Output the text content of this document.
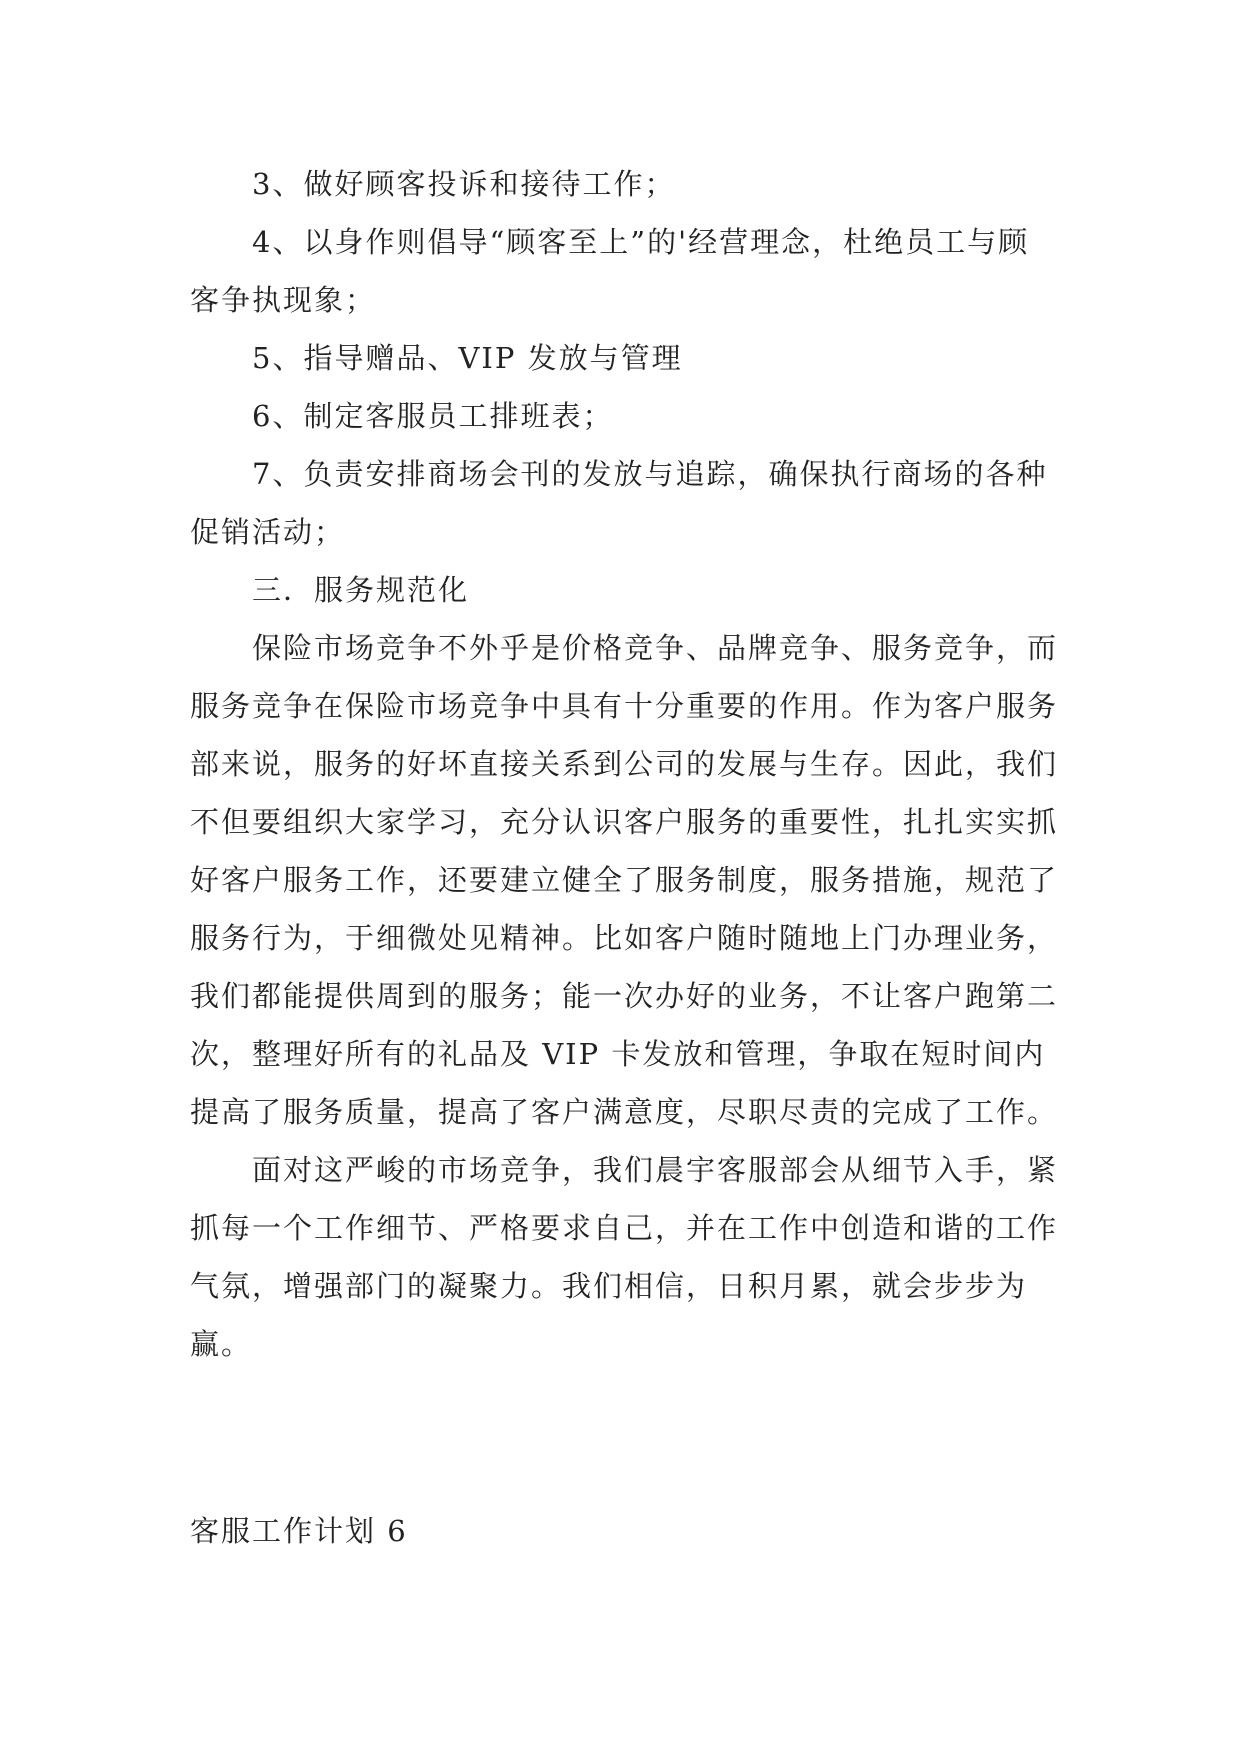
3、做好顾客投诉和接待工作；

4、以身作则倡导“顾客至上”的'经营理念，杜绝员工与顾客争执现象；

5、指导赠品、VIP 发放与管理

6、制定客服员工排班表；

7、负责安排商场会刊的发放与追踪，确保执行商场的各种促销活动；

三．服务规范化

保险市场竞争不外乎是价格竞争、品牌竞争、服务竞争，而服务竞争在保险市场竞争中具有十分重要的作用。作为客户服务部来说，服务的好坏直接关系到公司的发展与生存。因此，我们不但要组织大家学习，充分认识客户服务的重要性，扎扎实实抓好客户服务工作，还要建立健全了服务制度，服务措施，规范了服务行为，于细微处见精神。比如客户随时随地上门办理业务，我们都能提供周到的服务；能一次办好的业务，不让客户跑第二次，整理好所有的礼品及 VIP 卡发放和管理，争取在短时间内提高了服务质量，提高了客户满意度，尽职尽责的完成了工作。

面对这严峻的市场竞争，我们晨宇客服部会从细节入手，紧抓每一个工作细节、严格要求自己，并在工作中创造和谐的工作气氛，增强部门的凝聚力。我们相信，日积月累，就会步步为赢。

客服工作计划 6
